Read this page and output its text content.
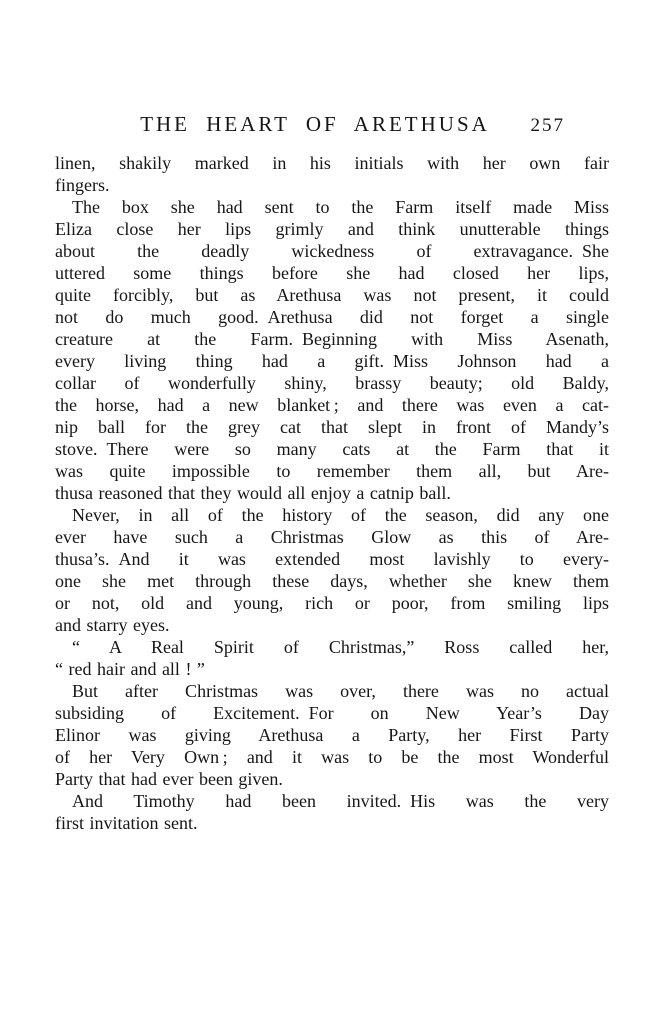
THE HEART OF ARETHUSA	257
linen, shakily marked in his initials with her own fair
fingers.
The box she had sent to the Farm itself made Miss
Eliza close her lips grimly and think unutterable things
about the deadly wickedness of extravagance. She
uttered some things before she had closed her lips,
quite forcibly, but as Arethusa was not present, it could
not do much good. Arethusa did not forget a single
creature at the Farm. Beginning with Miss Asenath,
every living thing had a gift. Miss Johnson had a
collar of wonderfully shiny, brassy beauty; old Baldy,
the horse, had a new blanket ; and there was even a cat-
nip ball for the grey cat that slept in front of Mandy’s
stove. There were so many cats at the Farm that it
was quite impossible to remember them all, but Are-
thusa reasoned that they would all enjoy a catnip ball.
Never, in all of the history of the season, did any one
ever have such a Christmas Glow as this of Are-
thusa’s. And it was extended most lavishly to every-
one she met through these days, whether she knew them
or not, old and young, rich or poor, from smiling lips
and starry eyes.
“ A Real Spirit of Christmas,” Ross called her,
“ red hair and all ! ”
But after Christmas was over, there was no actual
subsiding of Excitement. For on New Year’s Day
Elinor was giving Arethusa a Party, her First Party
of her Very Own ; and it was to be the most Wonderful
Party that had ever been given.
And Timothy had been invited. His was the very
first invitation sent.
